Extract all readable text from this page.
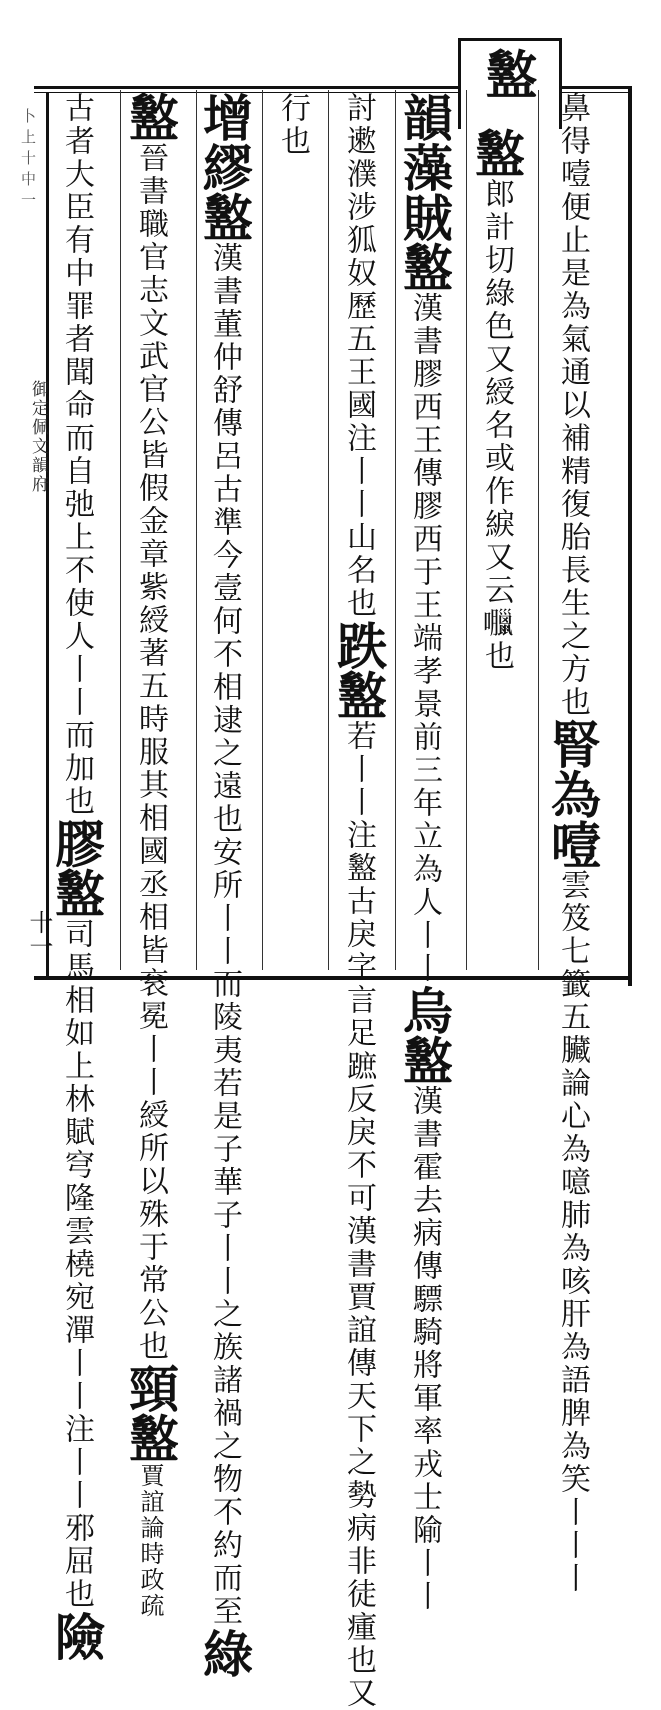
盭
鼻得噎便止是為氣通以補精復胎長生之方也腎為噎雲笈七籤五臟論心為噫肺為咳肝為語脾為笑丨丨丨
盭郎計切綠色又綬名或作綟又云𡅘也
韻藻賊盭漢書膠西王傳膠西于王端孝景前三年立為人丨丨烏盭漢書霍去病傳驃騎將軍率戎士隃丨丨
討遬濮涉狐奴歷五王國注丨丨山名也跌盭若丨丨注盭古戾字言足蹠反戾不可漢書賈誼傳天下之勢病非徒瘇也又
行也
增繆盭漢書董仲舒傳呂古準今壹何不相逮之遠也安所丨丨而陵夷若是子華子丨丨之族諸禍之物不約而至綠
盭晉書職官志文武官公皆假金章紫綬著五時服其相國丞相皆衮冕丨丨綬所以殊于常公也頸盭賈誼論時政疏
古者大臣有中罪者聞命而自弛上不使人丨丨而加也膠盭司馬相如上林賦穹隆雲橈宛潬丨丨注丨丨邪屈也險
卜上十中一
御定佩文韻府
十一
